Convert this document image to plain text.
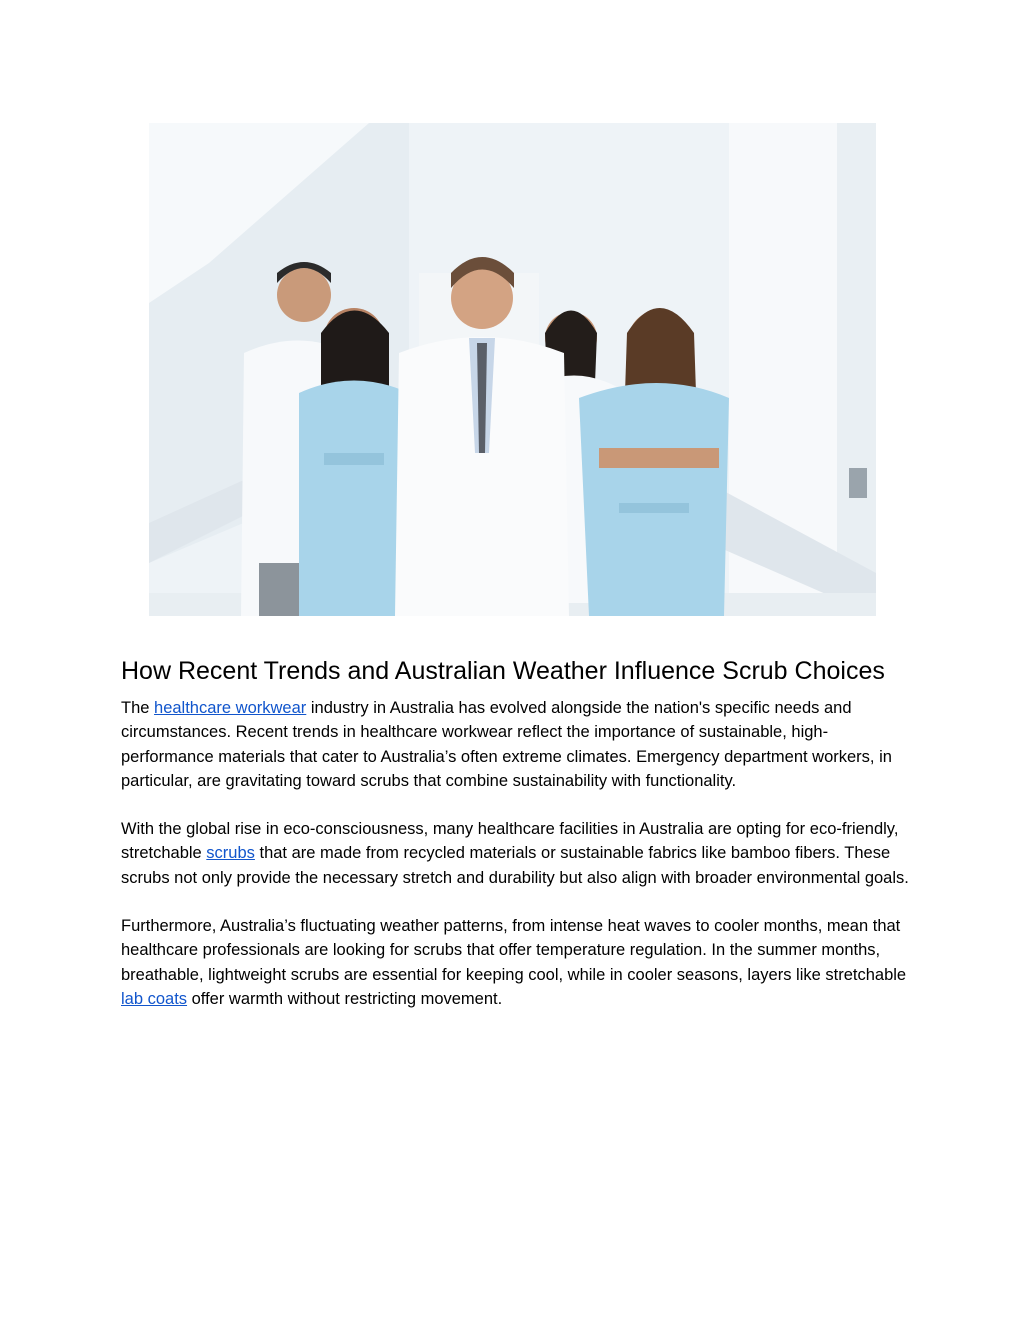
How Recent Trends and Australian Weather Influence Scrub Choices

The healthcare workwear industry in Australia has evolved alongside the nation's specific needs and circumstances. Recent trends in healthcare workwear reflect the importance of sustainable, high-performance materials that cater to Australia’s often extreme climates. Emergency department workers, in particular, are gravitating toward scrubs that combine sustainability with functionality.

With the global rise in eco-consciousness, many healthcare facilities in Australia are opting for eco-friendly, stretchable scrubs that are made from recycled materials or sustainable fabrics like bamboo fibers. These scrubs not only provide the necessary stretch and durability but also align with broader environmental goals.

Furthermore, Australia’s fluctuating weather patterns, from intense heat waves to cooler months, mean that healthcare professionals are looking for scrubs that offer temperature regulation. In the summer months, breathable, lightweight scrubs are essential for keeping cool, while in cooler seasons, layers like stretchable lab coats offer warmth without restricting movement.
